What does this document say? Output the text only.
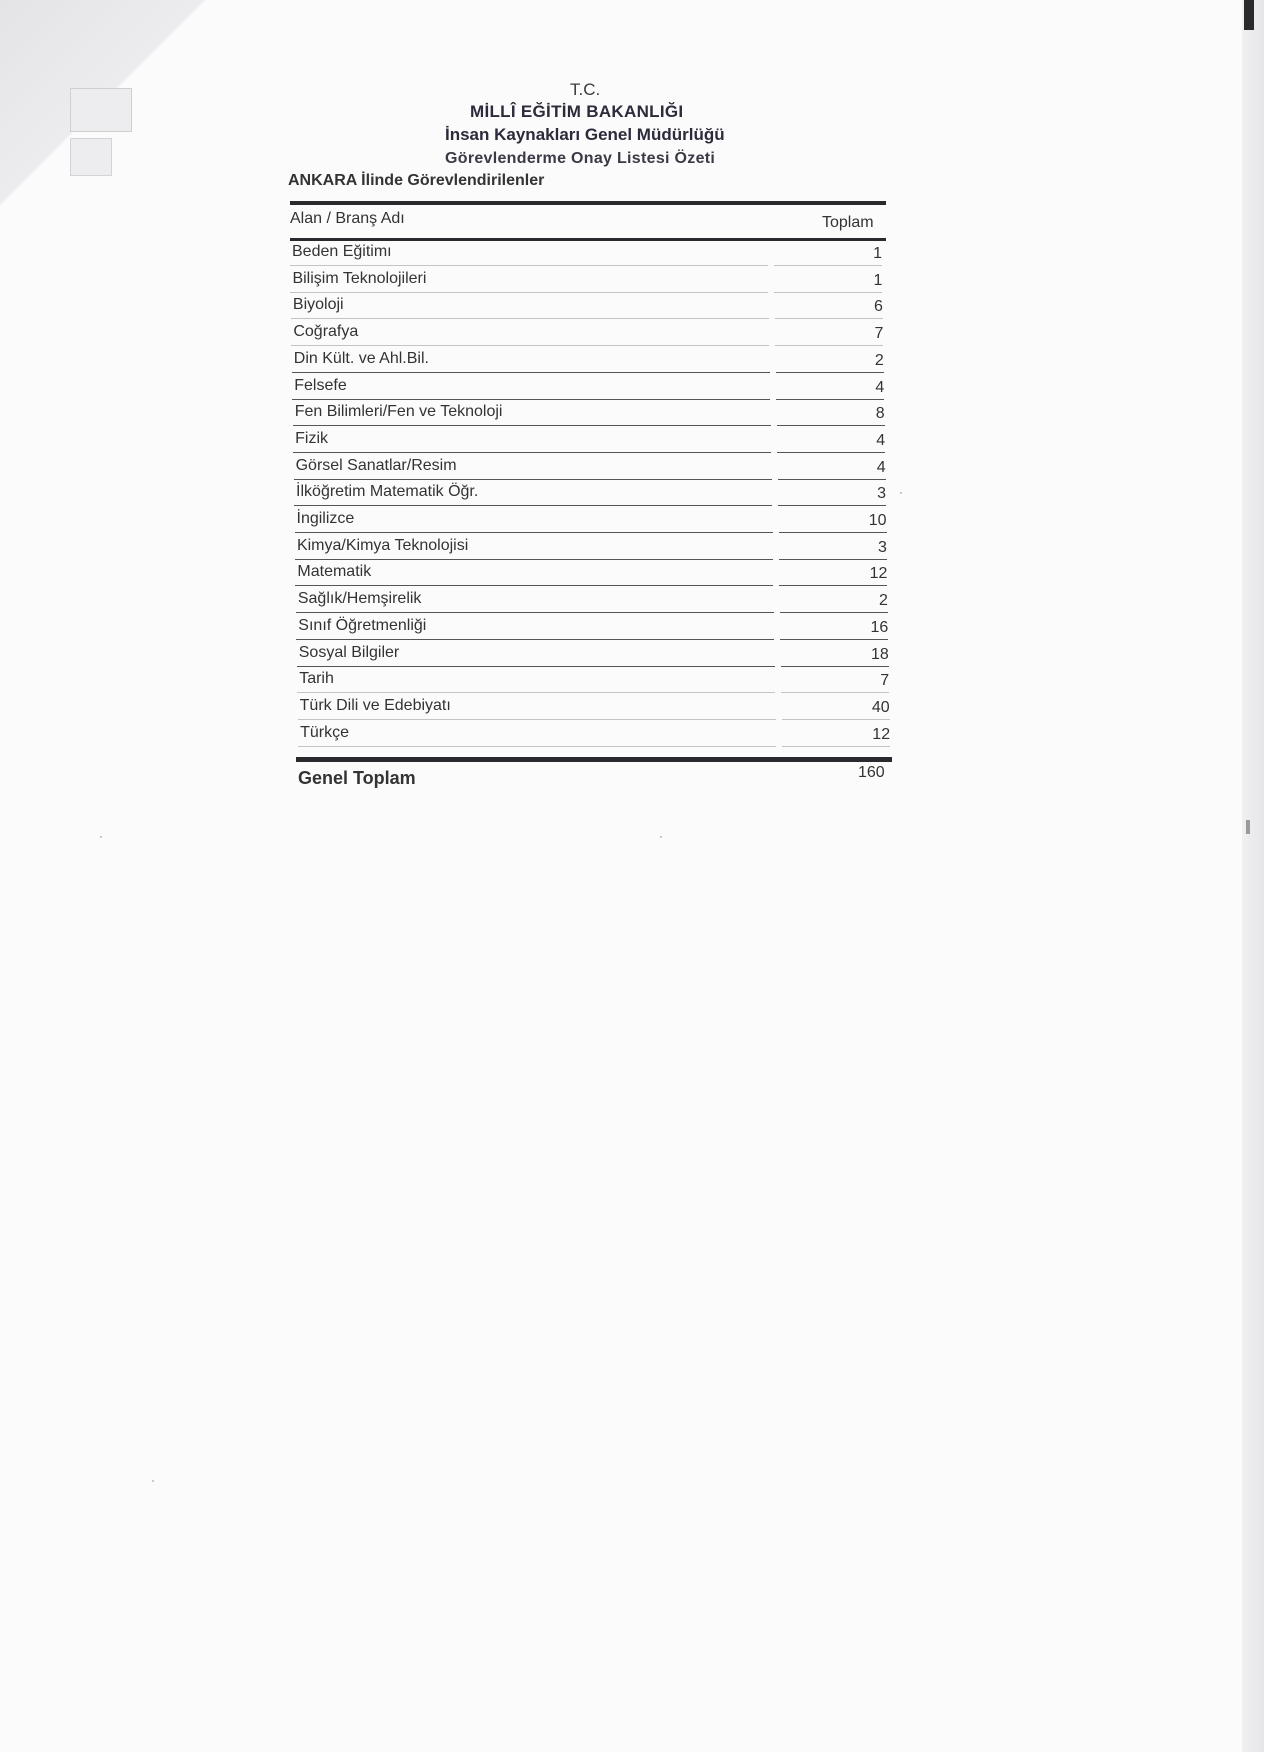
T.C.
MİLLÎ EĞİTİM BAKANLIĞI
İnsan Kaynakları Genel Müdürlüğü
Görevlenderme Onay Listesi Özeti
ANKARA İlinde Görevlendirilenler
Alan / Branş Adı	Toplam
Beden Eğitimı	1
Bilişim Teknolojileri	1
Biyoloji	6
Coğrafya	7
Din Kült. ve Ahl.Bil.	2
Felsefe	4
Fen Bilimleri/Fen ve Teknoloji	8
Fizik	4
Görsel Sanatlar/Resim	4
İlköğretim Matematik Öğr.	3
İngilizce	10
Kimya/Kimya Teknolojisi	3
Matematik	12
Sağlık/Hemşirelik	2
Sınıf Öğretmenliği	16
Sosyal Bilgiler	18
Tarih	7
Türk Dili ve Edebiyatı	40
Türkçe	12
Genel Toplam	160
